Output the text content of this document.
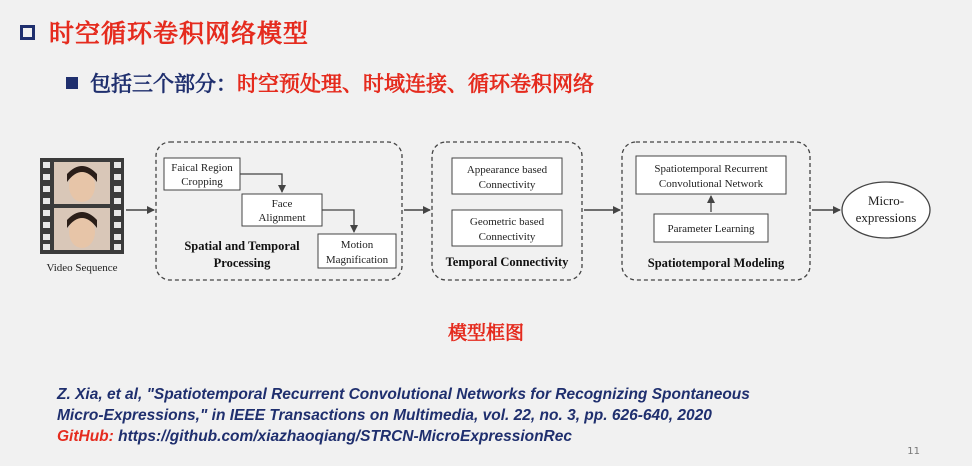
时空循环卷积网络模型
包括三个部分： 时空预处理、时域连接、循环卷积网络
Video Sequence
Faical Region
Cropping
Face
Alignment
Motion
Magnification
Spatial and Temporal
Processing
Appearance based
Connectivity
Geometric based
Connectivity
Temporal Connectivity
Spatiotemporal Recurrent
Convolutional Network
Parameter Learning
Spatiotemporal Modeling
Micro-
expressions
模型框图
Z. Xia, et al, "Spatiotemporal Recurrent Convolutional Networks for Recognizing Spontaneous
Micro-Expressions," in IEEE Transactions on Multimedia, vol. 22, no. 3, pp. 626-640, 2020
GitHub: https://github.com/xiazhaoqiang/STRCN-MicroExpressionRec
11
